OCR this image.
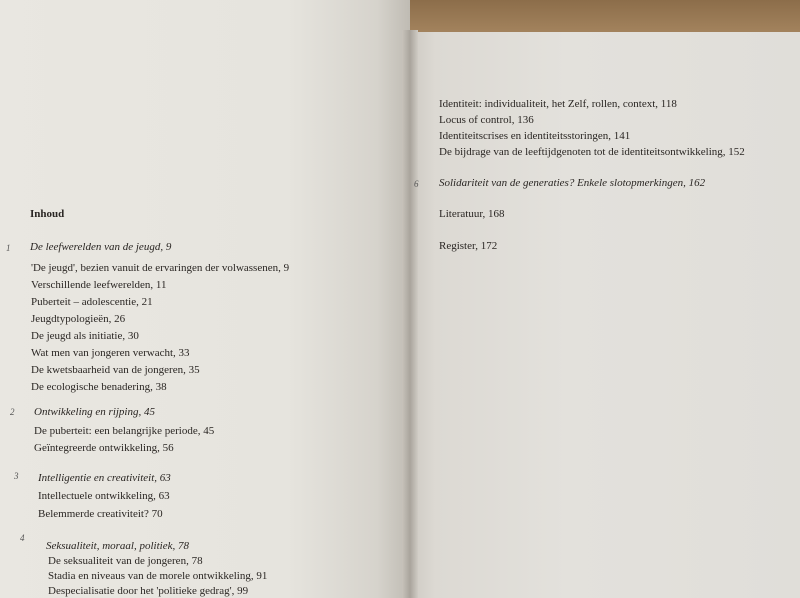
Inhoud
1 De leefwerelden van de jeugd, 9
'De jeugd', bezien vanuit de ervaringen der volwassenen, 9
Verschillende leefwerelden, 11
Puberteit – adolescentie, 21
Jeugdtypologieën, 26
De jeugd als initiatie, 30
Wat men van jongeren verwacht, 33
De kwetsbaarheid van de jongeren, 35
De ecologische benadering, 38
2 Ontwikkeling en rijping, 45
De puberteit: een belangrijke periode, 45
Geïntegreerde ontwikkeling, 56
3 Intelligentie en creativiteit, 63
Intellectuele ontwikkeling, 63
Belemmerde creativiteit? 70
4
Seksualiteit, moraal, politiek, 78
De seksualiteit van de jongeren, 78
Stadia en niveaus van de morele ontwikkeling, 91
Despecialisatie door het 'politieke gedrag', 99
Identiteit: individualiteit, het Zelf, rollen, context, 118
Locus of control, 136
Identiteitscrises en identiteitsstoringen, 141
De bijdrage van de leeftijdgenoten tot de identiteitsontwikkeling, 152
6 Solidariteit van de generaties? Enkele slotopmerkingen, 162
Literatuur, 168
Register, 172
